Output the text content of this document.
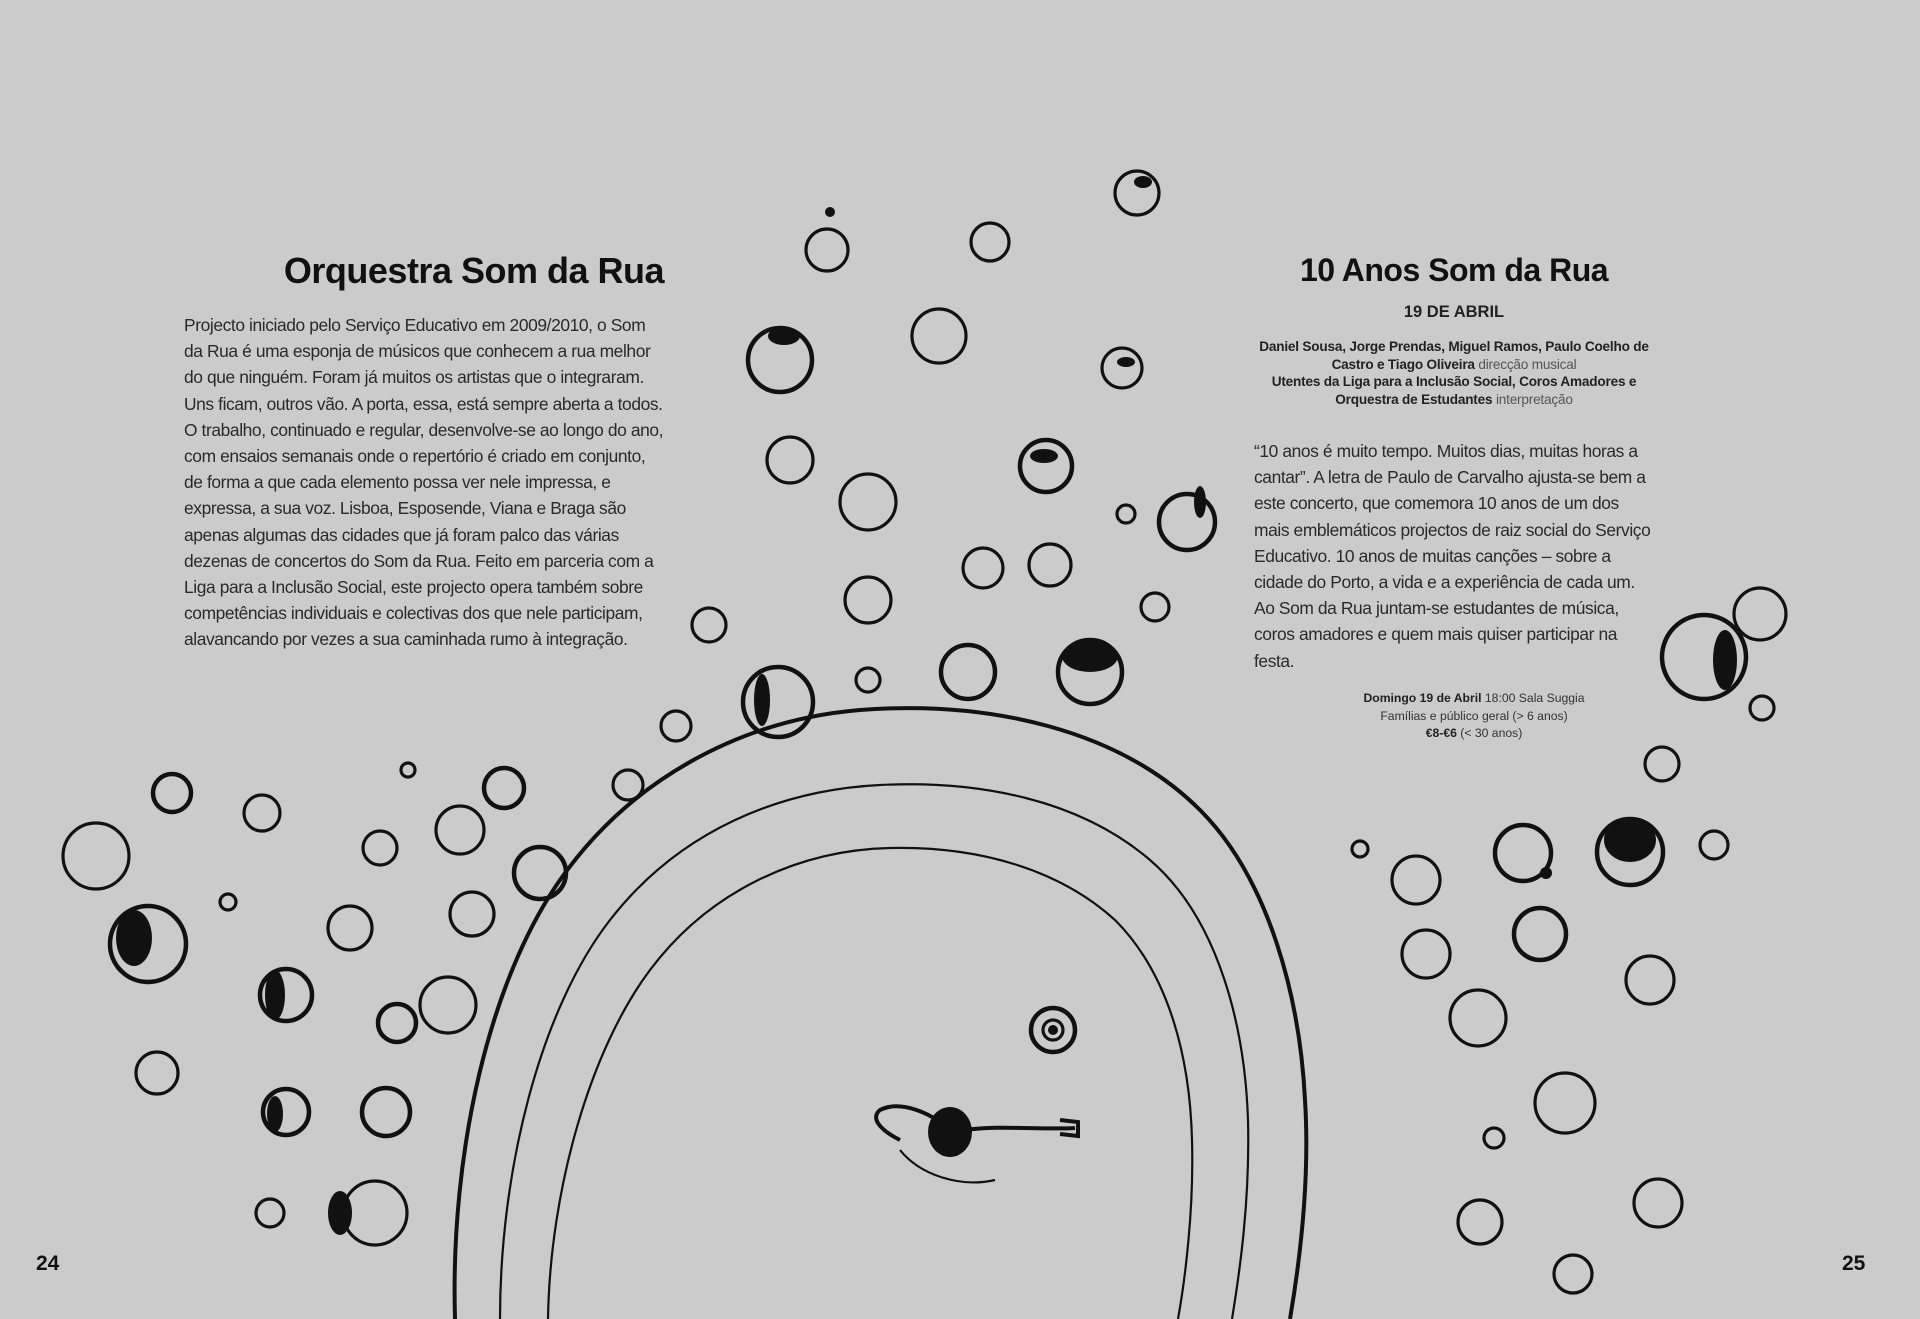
Orquestra Som da Rua

Projecto iniciado pelo Serviço Educativo em 2009/2010, o Som da Rua é uma esponja de músicos que conhecem a rua melhor do que ninguém. Foram já muitos os artistas que o integraram. Uns ficam, outros vão. A porta, essa, está sempre aberta a todos. O trabalho, continuado e regular, desenvolve-se ao longo do ano, com ensaios semanais onde o repertório é criado em conjunto, de forma a que cada elemento possa ver nele impressa, e expressa, a sua voz. Lisboa, Esposende, Viana e Braga são apenas algumas das cidades que já foram palco das várias dezenas de concertos do Som da Rua. Feito em parceria com a Liga para a Inclusão Social, este projecto opera também sobre competências individuais e colectivas dos que nele participam, alavancando por vezes a sua caminhada rumo à integração.

10 Anos Som da Rua
19 DE ABRIL
Daniel Sousa, Jorge Prendas, Miguel Ramos, Paulo Coelho de Castro e Tiago Oliveira direcção musical
Utentes da Liga para a Inclusão Social, Coros Amadores e Orquestra de Estudantes interpretação

“10 anos é muito tempo. Muitos dias, muitas horas a cantar”. A letra de Paulo de Carvalho ajusta-se bem a este concerto, que comemora 10 anos de um dos mais emblemáticos projectos de raiz social do Serviço Educativo. 10 anos de muitas canções – sobre a cidade do Porto, a vida e a experiência de cada um. Ao Som da Rua juntam-se estudantes de música, coros amadores e quem mais quiser participar na festa.

Domingo 19 de Abril 18:00 Sala Suggia
Famílias e público geral (> 6 anos)
€8-€6 (< 30 anos)
24	25
